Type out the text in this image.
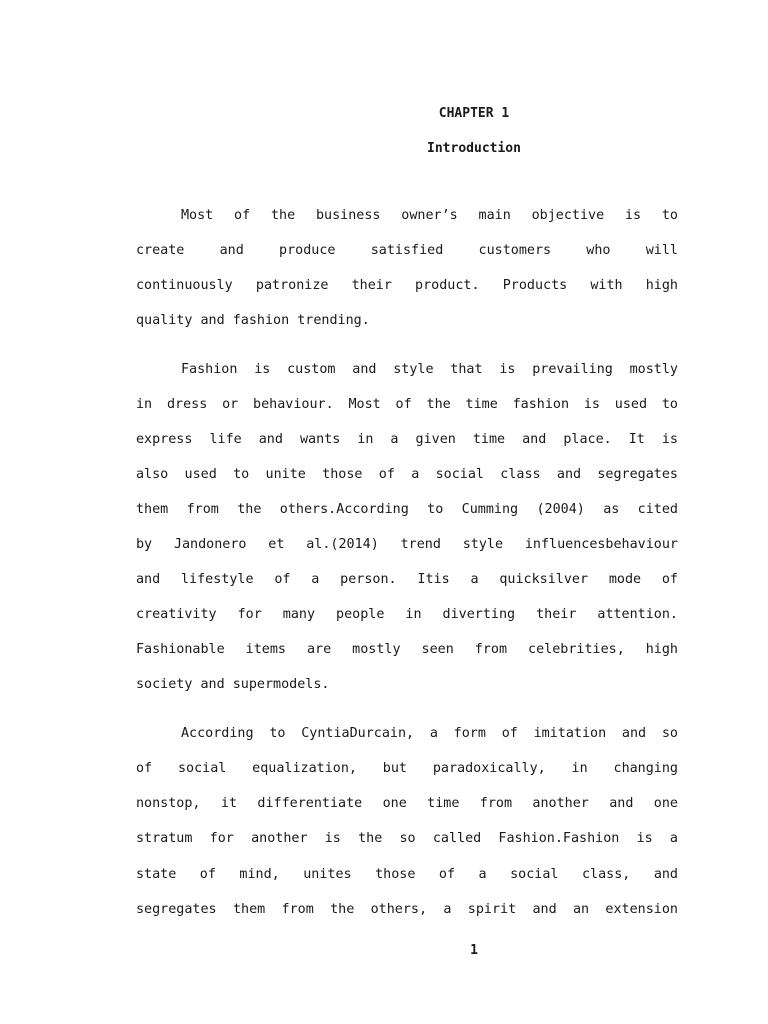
CHAPTER 1
Introduction
Most of the business owner’s main objective is to
create and produce satisfied customers who will
continuously patronize their product. Products with high
quality and fashion trending.
Fashion is custom and style that is prevailing mostly
in dress or behaviour. Most of the time fashion is used to
express life and wants in a given time and place. It is
also used to unite those of a social class and segregates
them from the others.According to Cumming (2004) as cited
by Jandonero et al.(2014) trend style influencesbehaviour
and lifestyle of a person. Itis a quicksilver mode of
creativity for many people in diverting their attention.
Fashionable items are mostly seen from celebrities, high
society and supermodels.
According to CyntiaDurcain, a form of imitation and so
of social equalization, but paradoxically, in changing
nonstop, it differentiate one time from another and one
stratum for another is the so called Fashion.Fashion is a
state of mind, unites those of a social class, and
segregates them from the others, a spirit and an extension
1
